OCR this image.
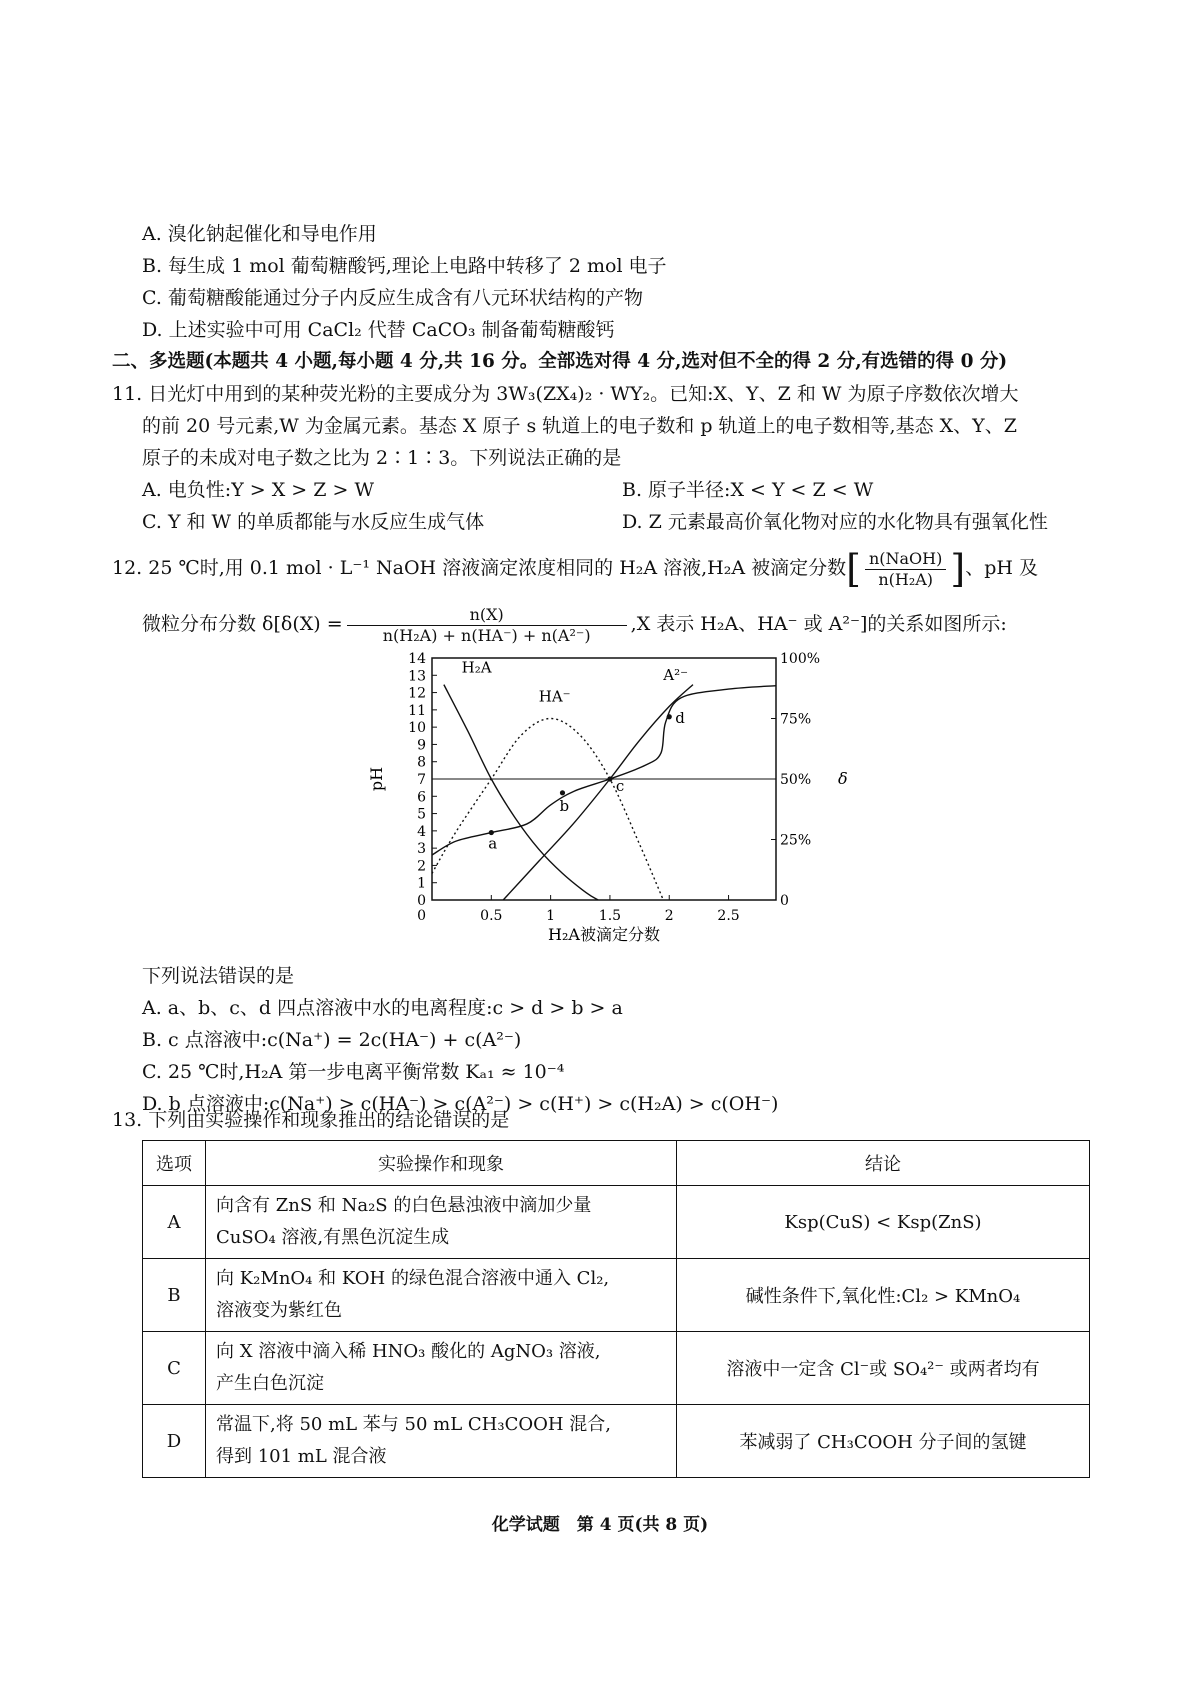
A. 溴化钠起催化和导电作用
B. 每生成 1 mol 葡萄糖酸钙,理论上电路中转移了 2 mol 电子
C. 葡萄糖酸能通过分子内反应生成含有八元环状结构的产物
D. 上述实验中可用 CaCl₂ 代替 CaCO₃ 制备葡萄糖酸钙
二、多选题(本题共 4 小题,每小题 4 分,共 16 分。全部选对得 4 分,选对但不全的得 2 分,有选错的得 0 分)
11. 日光灯中用到的某种荧光粉的主要成分为 3W₃(ZX₄)₂ · WY₂。已知:X、Y、Z 和 W 为原子序数依次增大
的前 20 号元素,W 为金属元素。基态 X 原子 s 轨道上的电子数和 p 轨道上的电子数相等,基态 X、Y、Z
原子的未成对电子数之比为 2∶1∶3。下列说法正确的是
A. 电负性:Y > X > Z > W	B. 原子半径:X < Y < Z < W
C. Y 和 W 的单质都能与水反应生成气体	D. Z 元素最高价氧化物对应的水化物具有强氧化性
12. 25 ℃时,用 0.1 mol · L⁻¹ NaOH 溶液滴定浓度相同的 H₂A 溶液,H₂A 被滴定分数[ $\frac{\text{n(NaOH)}}{\text{n(H₂A)}}$ ]、pH 及
微粒分布分数 $\delta[\delta(X) = \frac{n(X)}{\text{n(H₂A) + n(HA⁻) + n(A²⁻)}} ,X$ 表示 H₂A、HA⁻ 或 A²⁻]的关系如图所示:
0
1
2
3
4
5
6
7
8
9
10
11
12
13
14
0
25%
50%
75%
100%
0.5	1	1.5	2	2.5
0
H₂A
HA⁻
A²⁻
a
b
c
d
H₂A被滴定分数
pH	δ
下列说法错误的是
A. a、b、c、d 四点溶液中水的电离程度:c > d > b > a
B. c 点溶液中:c(Na⁺) = 2c(HA⁻) + c(A²⁻)
C. 25 ℃时,H₂A 第一步电离平衡常数 Kₐ₁ ≈ 10⁻⁴
D. b 点溶液中:c(Na⁺) > c(HA⁻) > c(A²⁻) > c(H⁺) > c(H₂A) > c(OH⁻)
13. 下列由实验操作和现象推出的结论错误的是
选项	实验操作和现象	结论
A	向含有 ZnS 和 Na₂S 的白色悬浊液中滴加少量
CuSO₄ 溶液,有黑色沉淀生成	Ksp(CuS) < Ksp(ZnS)
B	向 K₂MnO₄ 和 KOH 的绿色混合溶液中通入 Cl₂,
溶液变为紫红色	碱性条件下,氧化性:Cl₂ > KMnO₄
C	向 X 溶液中滴入稀 HNO₃ 酸化的 AgNO₃ 溶液,
产生白色沉淀	溶液中一定含 Cl⁻或 SO₄²⁻ 或两者均有
D	常温下,将 50 mL 苯与 50 mL CH₃COOH 混合,
得到 101 mL 混合液	苯减弱了 CH₃COOH 分子间的氢键
化学试题　第 4 页(共 8 页)
